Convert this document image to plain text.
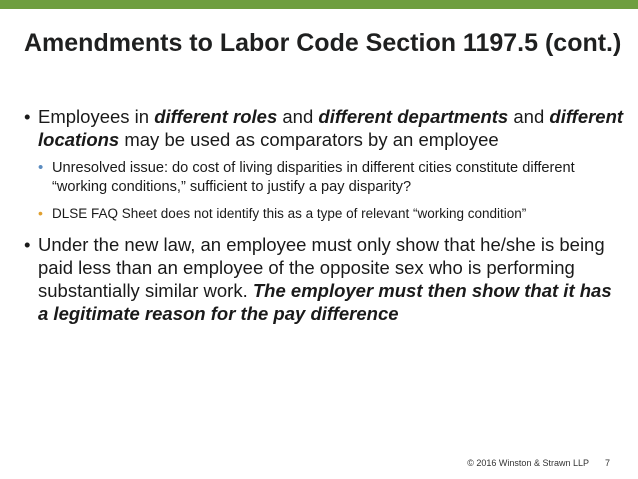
Amendments to Labor Code Section 1197.5 (cont.)
• Employees in different roles and different departments and different locations may be used as comparators by an employee
• Unresolved issue: do cost of living disparities in different cities constitute different “working conditions,” sufficient to justify a pay disparity?
• DLSE FAQ Sheet does not identify this as a type of relevant “working condition”
• Under the new law, an employee must only show that he/she is being paid less than an employee of the opposite sex who is performing substantially similar work. The employer must then show that it has a legitimate reason for the pay difference
© 2016 Winston & Strawn LLP 7
